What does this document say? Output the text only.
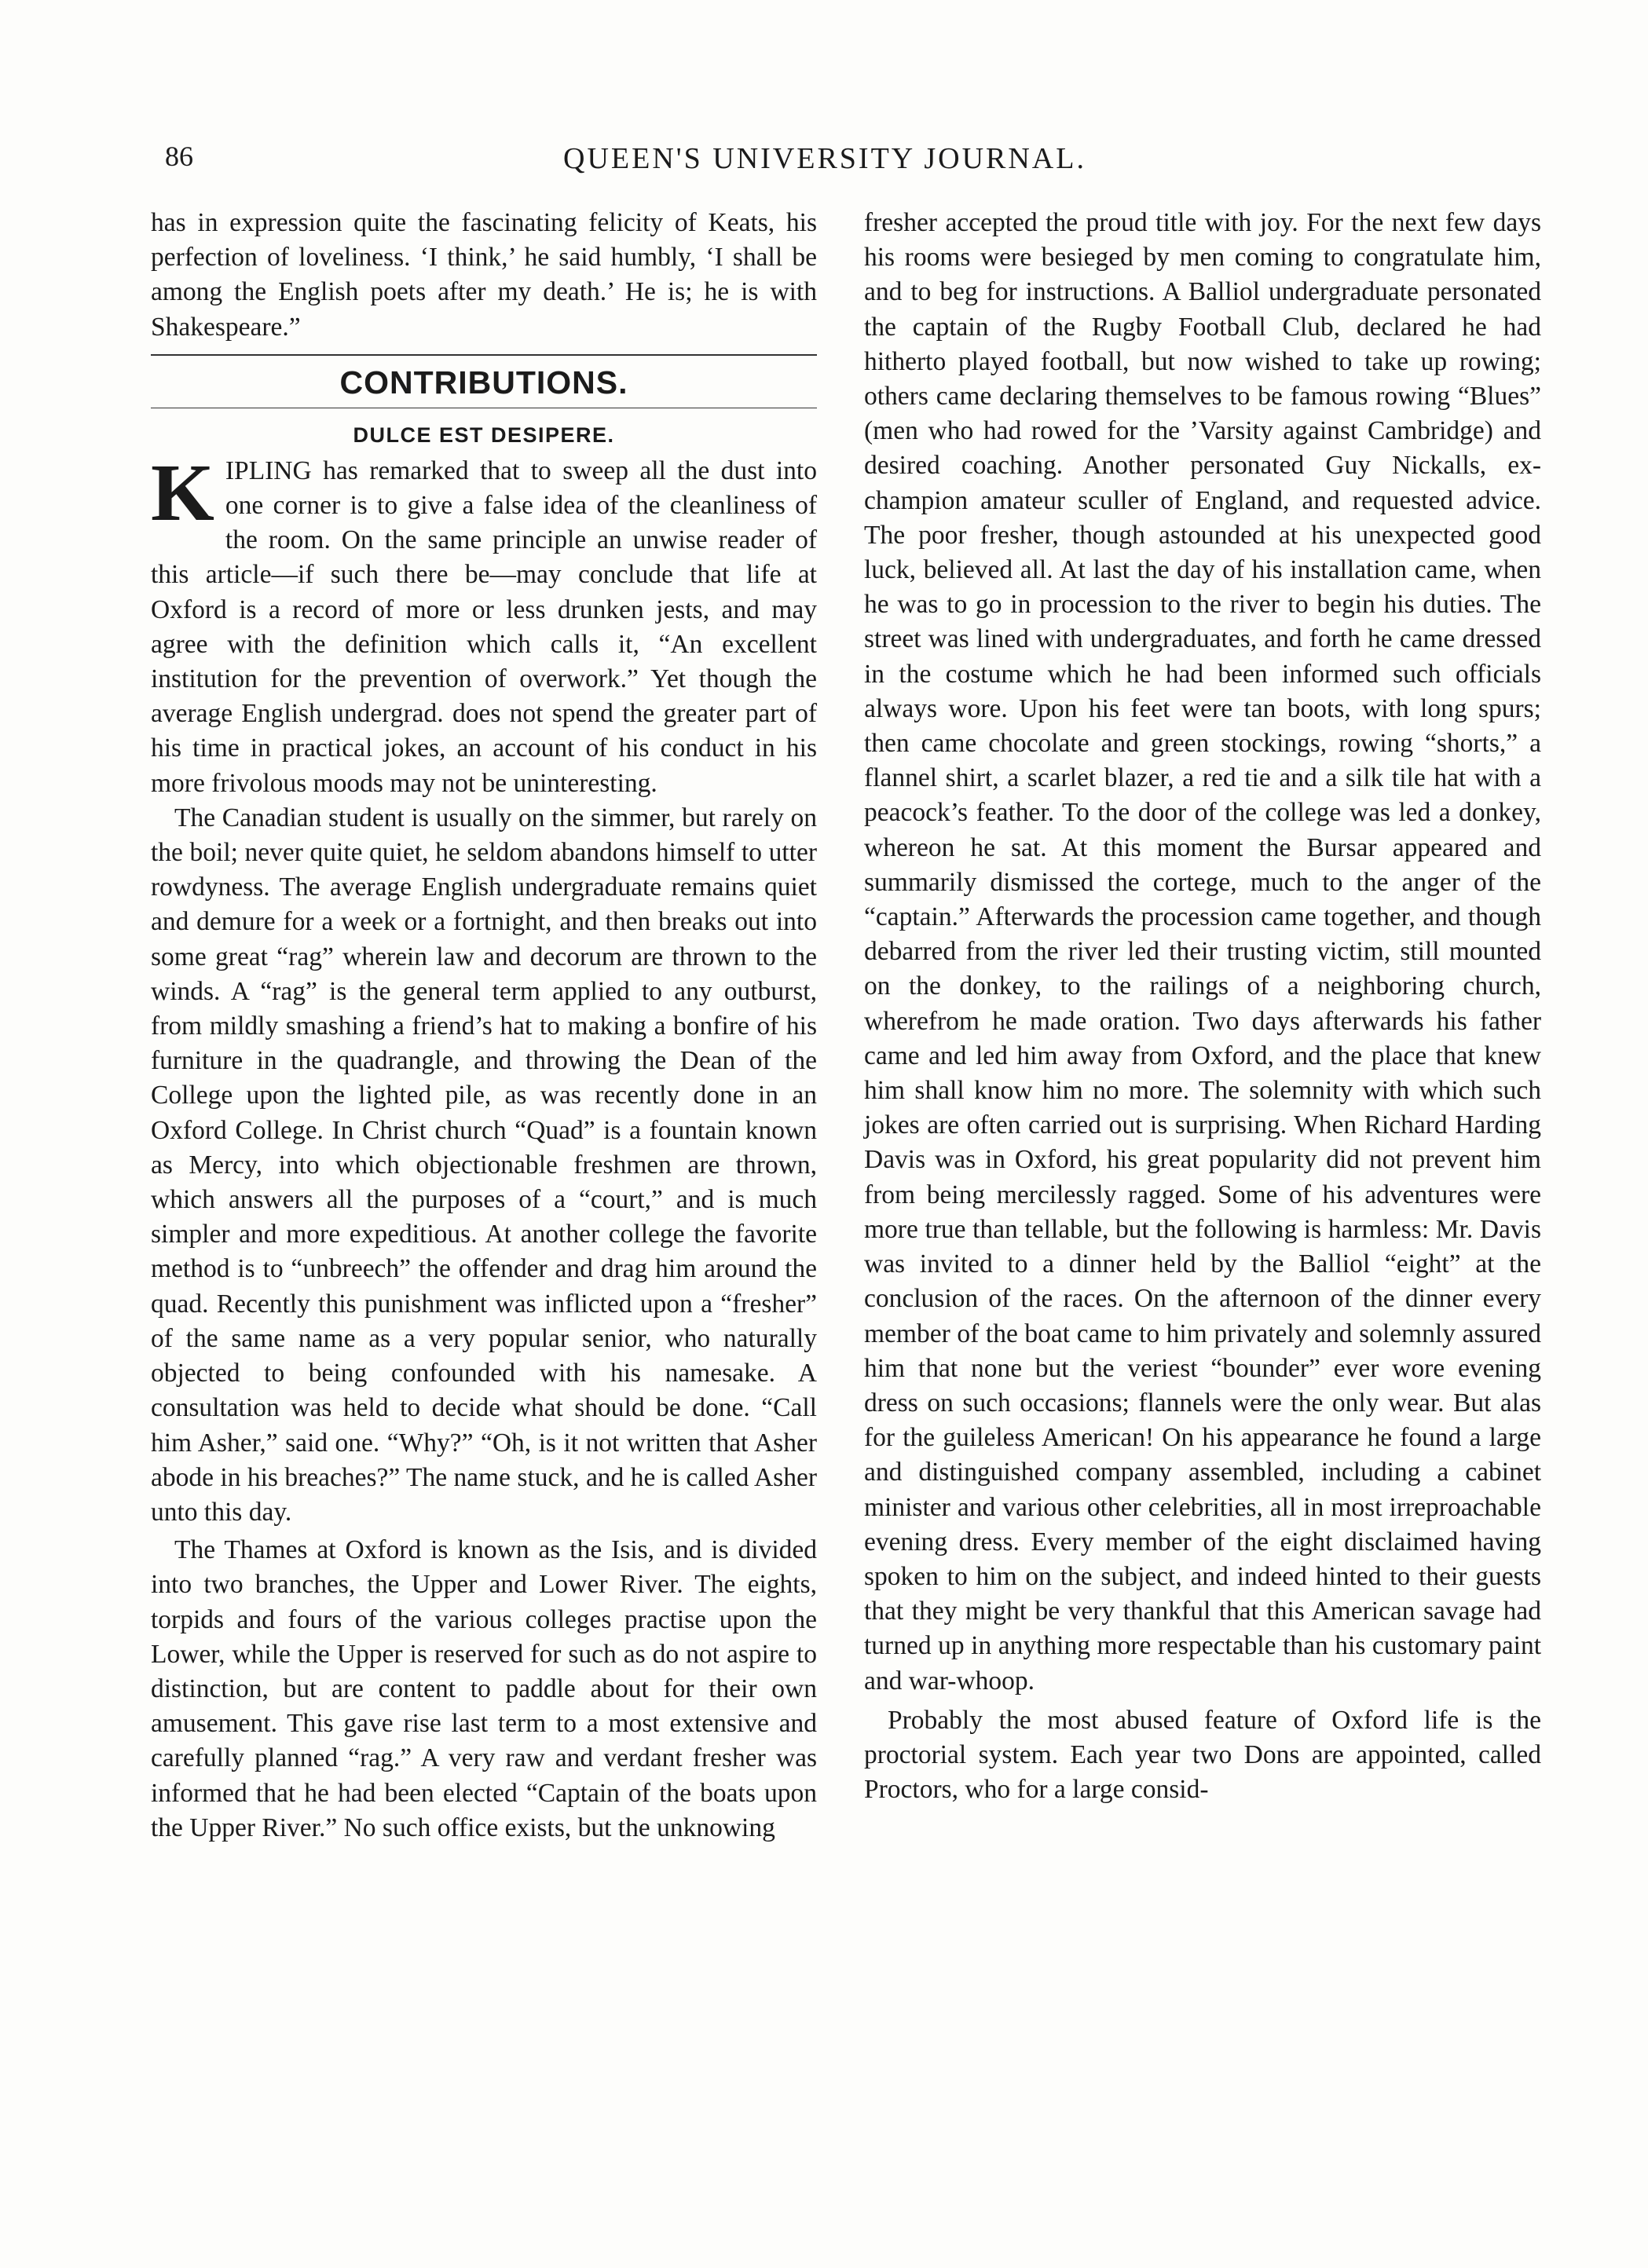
86	QUEEN'S UNIVERSITY JOURNAL.

has in expression quite the fascinating felicity of Keats, his perfection of loveliness. ‘I think,’ he said humbly, ‘I shall be among the English poets after my death.’ He is; he is with Shakespeare.”

CONTRIBUTIONS.
DULCE EST DESIPERE.

KIPLING has remarked that to sweep all the dust into one corner is to give a false idea of the cleanliness of the room. On the same principle an unwise reader of this article—if such there be—may conclude that life at Oxford is a record of more or less drunken jests, and may agree with the definition which calls it, “An excellent institution for the prevention of overwork.” Yet though the average English undergrad. does not spend the greater part of his time in practical jokes, an account of his conduct in his more frivolous moods may not be uninteresting.

The Canadian student is usually on the simmer, but rarely on the boil; never quite quiet, he seldom abandons himself to utter rowdyness. The average English undergraduate remains quiet and demure for a week or a fortnight, and then breaks out into some great “rag” wherein law and decorum are thrown to the winds. A “rag” is the general term applied to any outburst, from mildly smashing a friend’s hat to making a bonfire of his furniture in the quadrangle, and throwing the Dean of the College upon the lighted pile, as was recently done in an Oxford College. In Christ church “Quad” is a fountain known as Mercy, into which objectionable freshmen are thrown, which answers all the purposes of a “court,” and is much simpler and more expeditious. At another college the favorite method is to “unbreech” the offender and drag him around the quad. Recently this punishment was inflicted upon a “fresher” of the same name as a very popular senior, who naturally objected to being confounded with his namesake. A consultation was held to decide what should be done. “Call him Asher,” said one. “Why?” “Oh, is it not written that Asher abode in his breaches?” The name stuck, and he is called Asher unto this day.

The Thames at Oxford is known as the Isis, and is divided into two branches, the Upper and Lower River. The eights, torpids and fours of the various colleges practise upon the Lower, while the Upper is reserved for such as do not aspire to distinction, but are content to paddle about for their own amusement. This gave rise last term to a most extensive and carefully planned “rag.” A very raw and verdant fresher was informed that he had been elected “Captain of the boats upon the Upper River.” No such office exists, but the unknowing

fresher accepted the proud title with joy. For the next few days his rooms were besieged by men coming to congratulate him, and to beg for instructions. A Balliol undergraduate personated the captain of the Rugby Football Club, declared he had hitherto played football, but now wished to take up rowing; others came declaring themselves to be famous rowing “Blues” (men who had rowed for the ’Varsity against Cambridge) and desired coaching. Another personated Guy Nickalls, ex-champion amateur sculler of England, and requested advice. The poor fresher, though astounded at his unexpected good luck, believed all. At last the day of his installation came, when he was to go in procession to the river to begin his duties. The street was lined with undergraduates, and forth he came dressed in the costume which he had been informed such officials always wore. Upon his feet were tan boots, with long spurs; then came chocolate and green stockings, rowing “shorts,” a flannel shirt, a scarlet blazer, a red tie and a silk tile hat with a peacock’s feather. To the door of the college was led a donkey, whereon he sat. At this moment the Bursar appeared and summarily dismissed the cortege, much to the anger of the “captain.” Afterwards the procession came together, and though debarred from the river led their trusting victim, still mounted on the donkey, to the railings of a neighboring church, wherefrom he made oration. Two days afterwards his father came and led him away from Oxford, and the place that knew him shall know him no more. The solemnity with which such jokes are often carried out is surprising. When Richard Harding Davis was in Oxford, his great popularity did not prevent him from being mercilessly ragged. Some of his adventures were more true than tellable, but the following is harmless: Mr. Davis was invited to a dinner held by the Balliol “eight” at the conclusion of the races. On the afternoon of the dinner every member of the boat came to him privately and solemnly assured him that none but the veriest “bounder” ever wore evening dress on such occasions; flannels were the only wear. But alas for the guileless American! On his appearance he found a large and distinguished company assembled, including a cabinet minister and various other celebrities, all in most irreproachable evening dress. Every member of the eight disclaimed having spoken to him on the subject, and indeed hinted to their guests that they might be very thankful that this American savage had turned up in anything more respectable than his customary paint and war-whoop.

Probably the most abused feature of Oxford life is the proctorial system. Each year two Dons are appointed, called Proctors, who for a large consid-
